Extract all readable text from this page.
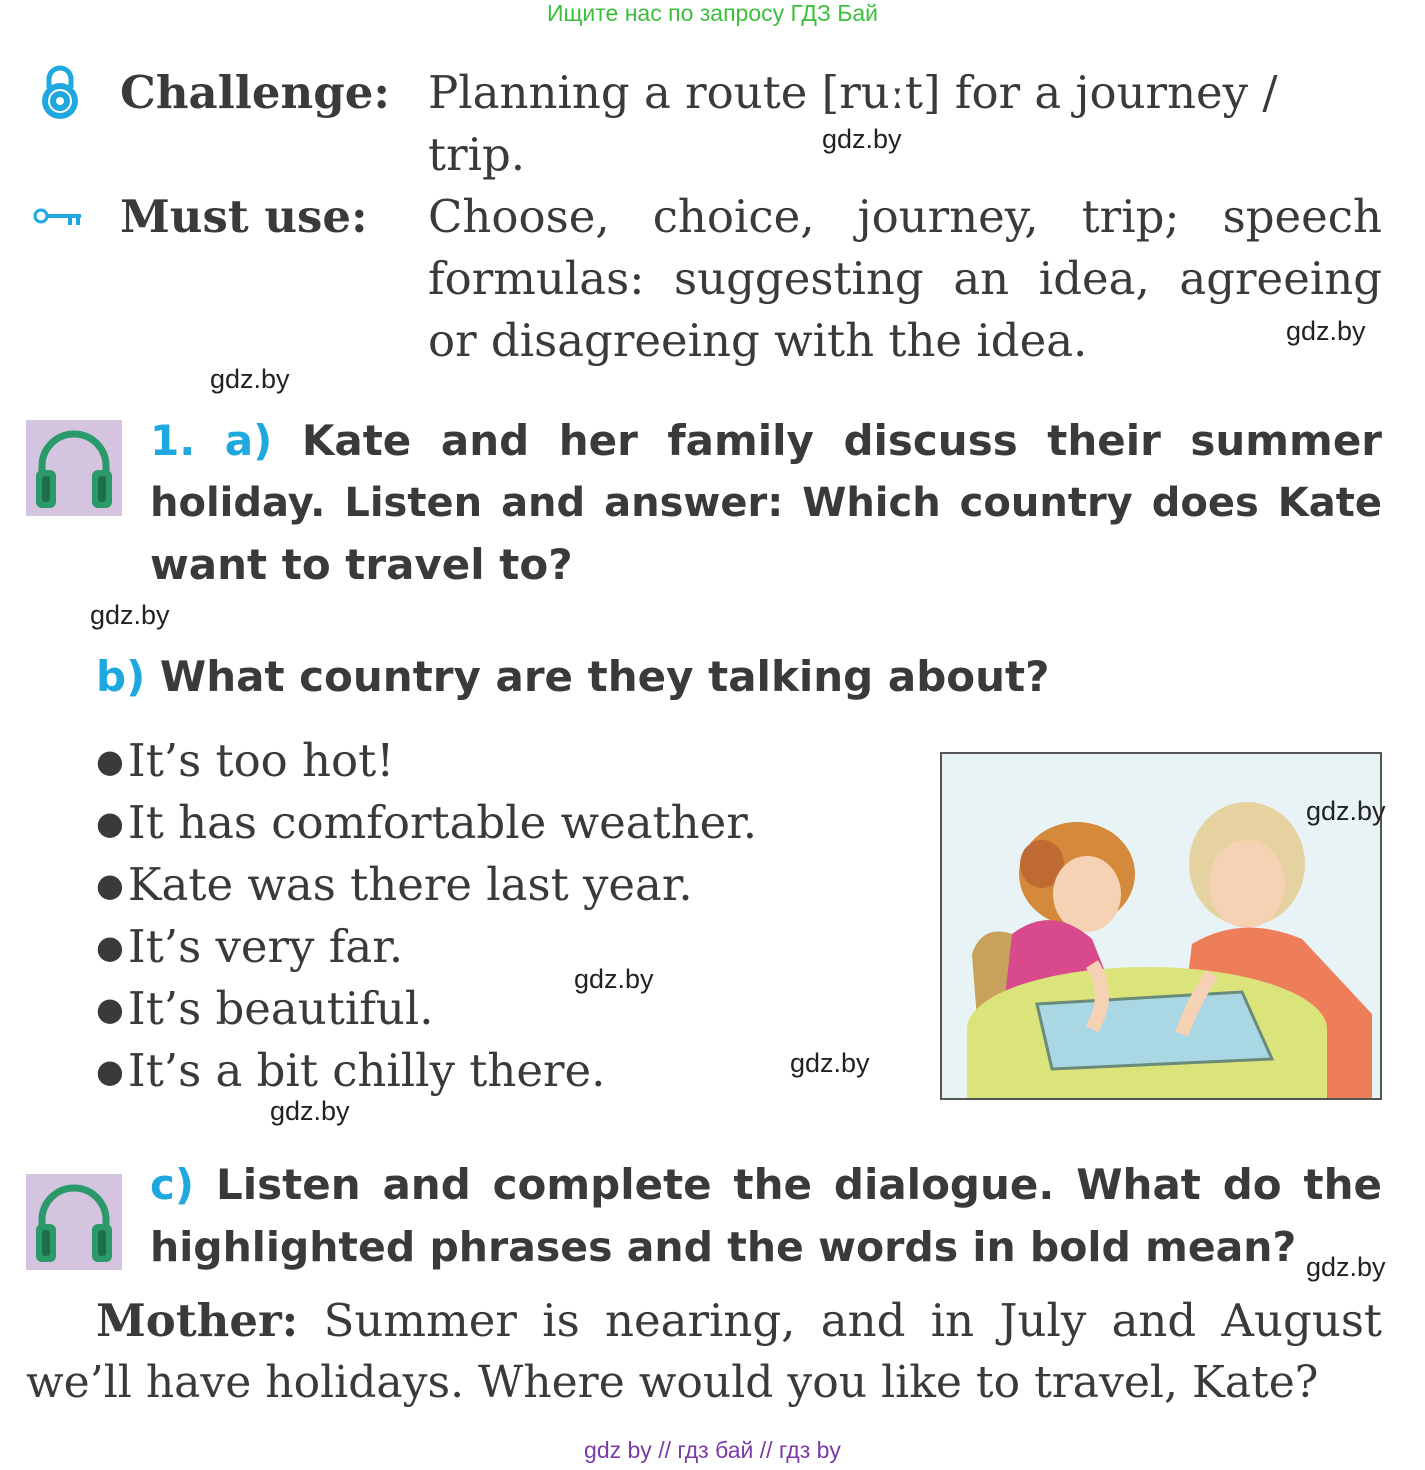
Ищите нас по запросу ГДЗ Бай
Challenge: Planning a route [ruːt] for a journey /
trip.	gdz.by
Must use: Choose, choice, journey, trip; speech
formulas: suggesting an idea, agreeing
or disagreeing with the idea.	gdz.by
gdz.by
1. a) Kate and her family discuss their summer
holiday. Listen and answer: Which country does Kate
want to travel to?
gdz.by
b) What country are they talking about?
●It’s too hot!
●It has comfortable weather.
●Kate was there last year.
●It’s very far.
●It’s beautiful.
●It’s a bit chilly there.
gdz.by
gdz.by
gdz.by
gdz.by
c) Listen and complete the dialogue. What do the
highlighted phrases and the words in bold mean? gdz.by
Mother: Summer is nearing, and in July and August
we’ll have holidays. Where would you like to travel, Kate?
gdz by // гдз бай // гдз by
